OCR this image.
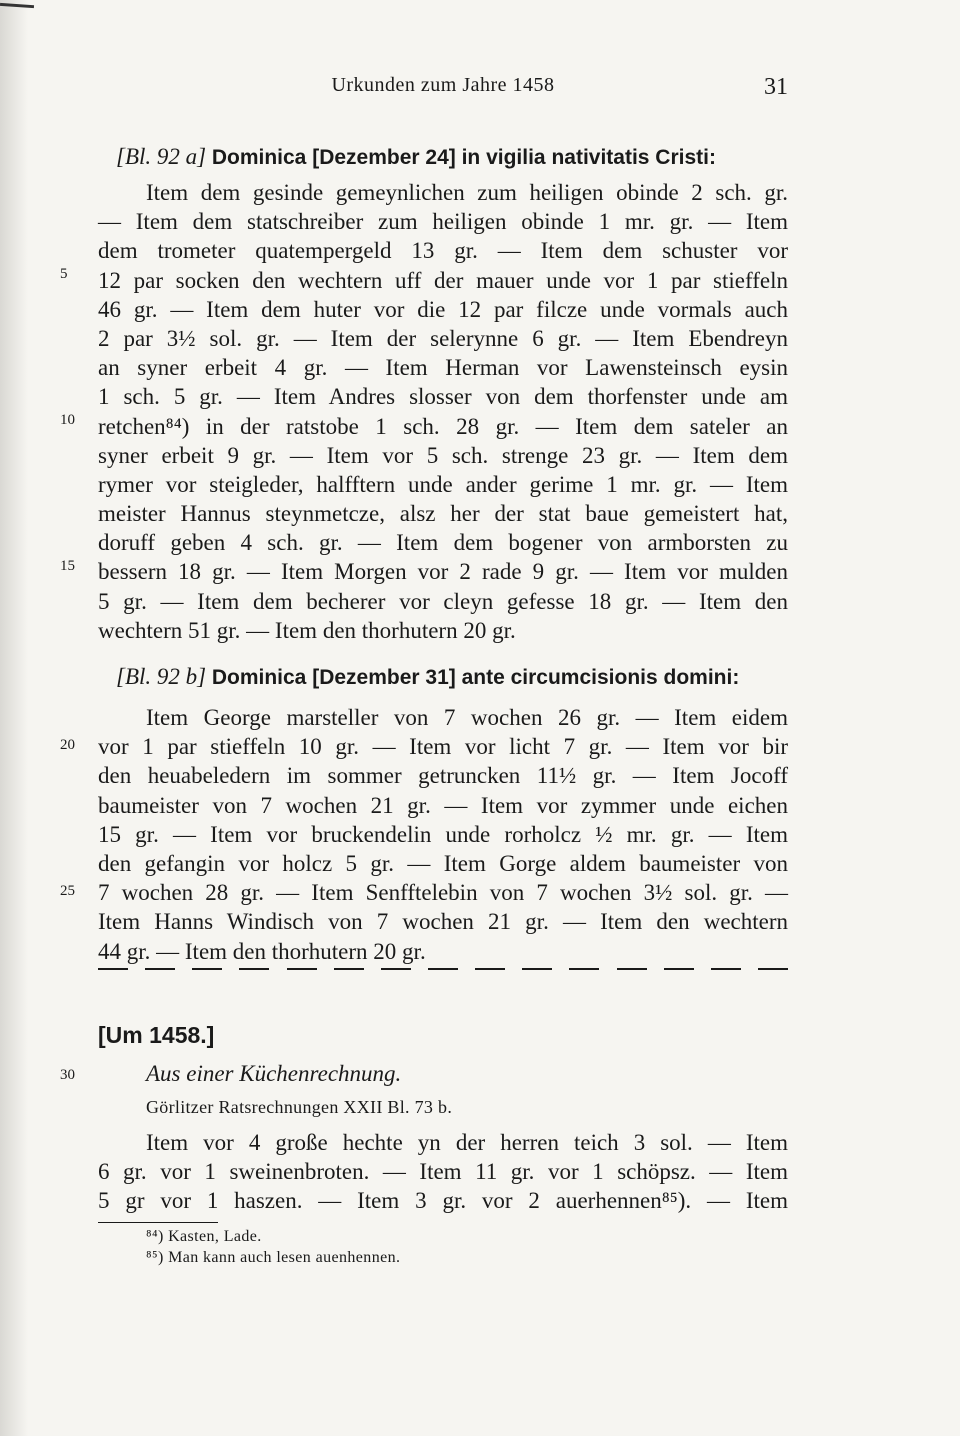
Urkunden zum Jahre 1458	31
[Bl. 92 a] Dominica [Dezember 24] in vigilia nativitatis Cristi:
Item dem gesinde gemeynlichen zum heiligen obinde 2 sch. gr.
— Item dem statschreiber zum heiligen obinde 1 mr. gr. — Item
dem trometer quatempergeld 13 gr. — Item dem schuster vor
12 par socken den wechtern uff der mauer unde vor 1 par stieffeln
46 gr. — Item dem huter vor die 12 par filcze unde vormals auch
2 par 3½ sol. gr. — Item der selerynne 6 gr. — Item Ebendreyn
an syner erbeit 4 gr. — Item Herman vor Lawensteinsch eysin
1 sch. 5 gr. — Item Andres slosser von dem thorfenster unde am
retchen⁸⁴) in der ratstobe 1 sch. 28 gr. — Item dem sateler an
syner erbeit 9 gr. — Item vor 5 sch. strenge 23 gr. — Item dem
rymer vor steigleder, halfftern unde ander gerime 1 mr. gr. — Item
meister Hannus steynmetcze, alsz her der stat baue gemeistert hat,
doruff geben 4 sch. gr. — Item dem bogener von armborsten zu
bessern 18 gr. — Item Morgen vor 2 rade 9 gr. — Item vor mulden
5 gr. — Item dem becherer vor cleyn gefesse 18 gr. — Item den
wechtern 51 gr. — Item den thorhutern 20 gr.
[Bl. 92 b] Dominica [Dezember 31] ante circumcisionis domini:
Item George marsteller von 7 wochen 26 gr. — Item eidem
vor 1 par stieffeln 10 gr. — Item vor licht 7 gr. — Item vor bir
den heuabeledern im sommer getruncken 11½ gr. — Item Jocoff
baumeister von 7 wochen 21 gr. — Item vor zymmer unde eichen
15 gr. — Item vor bruckendelin unde rorholcz ½ mr. gr. — Item
den gefangin vor holcz 5 gr. — Item Gorge aldem baumeister von
7 wochen 28 gr. — Item Senfftelebin von 7 wochen 3½ sol. gr. —
Item Hanns Windisch von 7 wochen 21 gr. — Item den wechtern
44 gr. — Item den thorhutern 20 gr.
5
10
15
20
25
30
[Um 1458.]
Aus einer Küchenrechnung.
Görlitzer Ratsrechnungen XXII Bl. 73 b.
Item vor 4 große hechte yn der herren teich 3 sol. — Item
6 gr. vor 1 sweinenbroten. — Item 11 gr. vor 1 schöpsz. — Item
5 gr vor 1 haszen. — Item 3 gr. vor 2 auerhennen⁸⁵). — Item
⁸⁴) Kasten, Lade.
⁸⁵) Man kann auch lesen auenhennen.
